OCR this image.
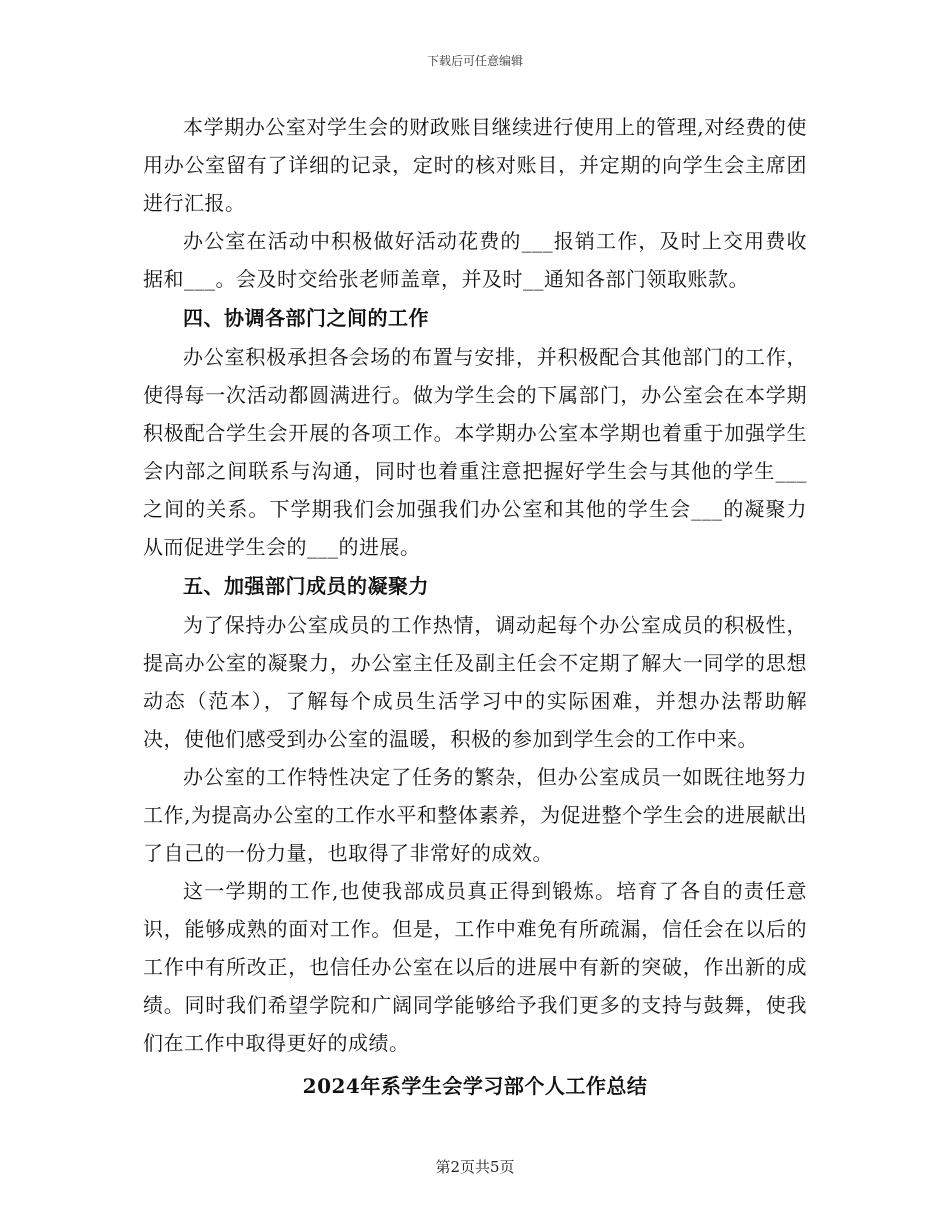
下载后可任意编辑

本学期办公室对学生会的财政账目继续进行使用上的管理,对经费的使用办公室留有了详细的记录，定时的核对账目，并定期的向学生会主席团进行汇报。

办公室在活动中积极做好活动花费的___报销工作，及时上交用费收据和___。会及时交给张老师盖章，并及时__通知各部门领取账款。

四、协调各部门之间的工作

办公室积极承担各会场的布置与安排，并积极配合其他部门的工作，使得每一次活动都圆满进行。做为学生会的下属部门，办公室会在本学期积极配合学生会开展的各项工作。本学期办公室本学期也着重于加强学生会内部之间联系与沟通，同时也着重注意把握好学生会与其他的学生___之间的关系。下学期我们会加强我们办公室和其他的学生会___的凝聚力从而促进学生会的___的进展。

五、加强部门成员的凝聚力

为了保持办公室成员的工作热情，调动起每个办公室成员的积极性，提高办公室的凝聚力，办公室主任及副主任会不定期了解大一同学的思想动态（范本），了解每个成员生活学习中的实际困难，并想办法帮助解决，使他们感受到办公室的温暖，积极的参加到学生会的工作中来。

办公室的工作特性决定了任务的繁杂，但办公室成员一如既往地努力工作,为提高办公室的工作水平和整体素养，为促进整个学生会的进展献出了自己的一份力量，也取得了非常好的成效。

这一学期的工作,也使我部成员真正得到锻炼。培育了各自的责任意识，能够成熟的面对工作。但是，工作中难免有所疏漏，信任会在以后的工作中有所改正，也信任办公室在以后的进展中有新的突破，作出新的成绩。同时我们希望学院和广阔同学能够给予我们更多的支持与鼓舞，使我们在工作中取得更好的成绩。

2024年系学生会学习部个人工作总结

第2页共5页
